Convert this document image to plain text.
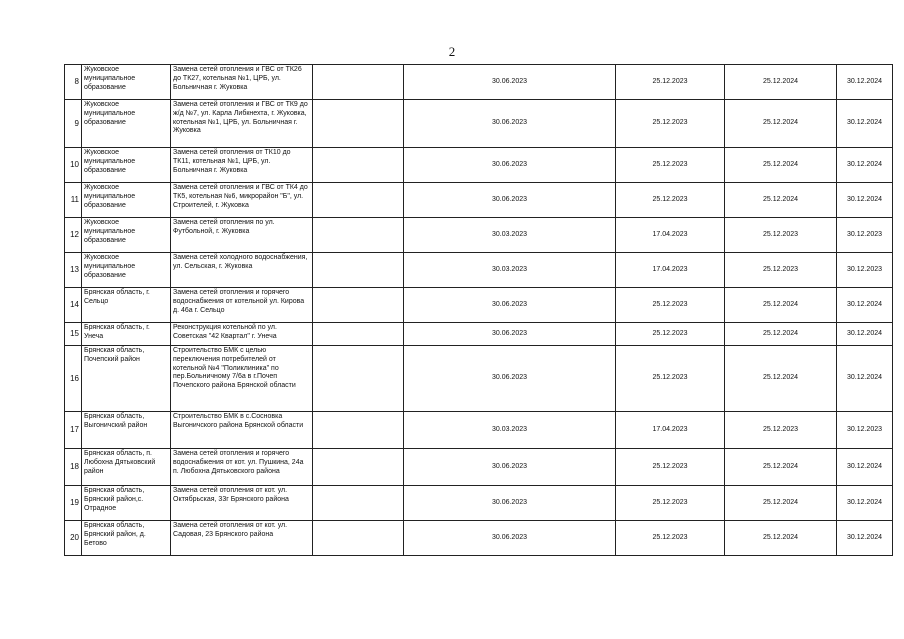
2
8	Жуковское муниципальное образование	Замена сетей отопления и ГВС от ТК26 до ТК27, котельная №1, ЦРБ, ул. Больничная г. Жуковка		30.06.2023	25.12.2023	25.12.2024	30.12.2024
9	Жуковское муниципальное образование	Замена сетей отопления и ГВС от ТК9 до ж/д №7, ул. Карла Либкнехта, г. Жуковка, котельная №1, ЦРБ, ул. Больничная г. Жуковка		30.06.2023	25.12.2023	25.12.2024	30.12.2024
10	Жуковское муниципальное образование	Замена сетей отопления от ТК10 до ТК11, котельная №1, ЦРБ, ул. Больничная г. Жуковка		30.06.2023	25.12.2023	25.12.2024	30.12.2024
11	Жуковское муниципальное образование	Замена сетей отопления и ГВС от ТК4 до ТК5, котельная №6, микрорайон "Б", ул. Строителей, г. Жуковка		30.06.2023	25.12.2023	25.12.2024	30.12.2024
12	Жуковское муниципальное образование	Замена сетей отопления по ул. Футбольной, г. Жуковка		30.03.2023	17.04.2023	25.12.2023	30.12.2023
13	Жуковское муниципальное образование	Замена сетей холодного водоснабжения, ул. Сельская, г. Жуковка		30.03.2023	17.04.2023	25.12.2023	30.12.2023
14	Брянская область, г. Сельцо	Замена сетей отопления и горячего водоснабжения от котельной ул. Кирова д. 46а г. Сельцо		30.06.2023	25.12.2023	25.12.2024	30.12.2024
15	Брянская область, г. Унеча	Реконструкция котельной по ул. Советская "42 Квартал" г. Унеча		30.06.2023	25.12.2023	25.12.2024	30.12.2024
16	Брянская область, Почепский район	Строительство БМК с целью переключения потребителей от котельной №4 "Поликлиника" по пер.Больничному 7/6а в г.Почеп Почепского района Брянской области		30.06.2023	25.12.2023	25.12.2024	30.12.2024
17	Брянская область, Выгоничский район	Строительство БМК в с.Сосновка Выгоничского района Брянской области		30.03.2023	17.04.2023	25.12.2023	30.12.2023
18	Брянская область, п. Любохна Дятьковский район	Замена сетей отопления и горячего водоснабжения от кот. ул. Пушкина, 24а п. Любохна Дятьковского района		30.06.2023	25.12.2023	25.12.2024	30.12.2024
19	Брянская область, Брянский район,с. Отрадное	Замена сетей отопления от кот. ул. Октябрьская, 33г Брянского района		30.06.2023	25.12.2023	25.12.2024	30.12.2024
20	Брянская область, Брянский район, д. Бетово	Замена сетей отопления от кот. ул. Садовая, 23 Брянского района		30.06.2023	25.12.2023	25.12.2024	30.12.2024
